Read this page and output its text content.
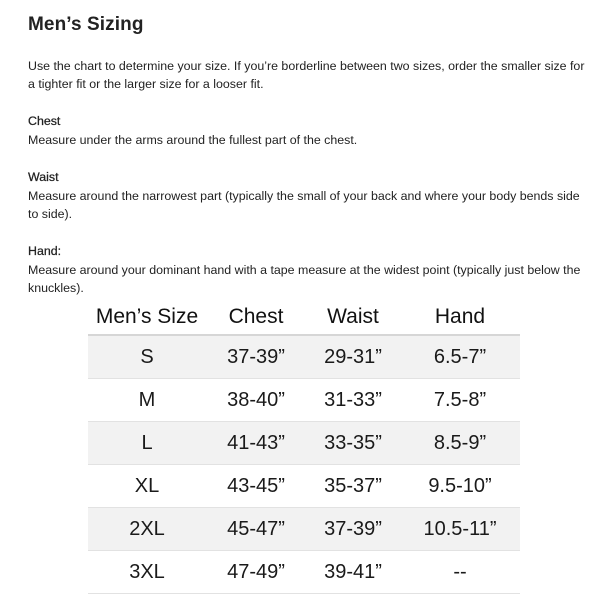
Men’s Sizing

Use the chart to determine your size. If you’re borderline between two sizes, order the smaller size for a tighter fit or the larger size for a looser fit.

Chest

Measure under the arms around the fullest part of the chest.

Waist

Measure around the narrowest part (typically the small of your back and where your body bends side to side).

Hand:

Measure around your dominant hand with a tape measure at the widest point (typically just below the knuckles).

Men’s Size	Chest	Waist	Hand
S	37-39”	29-31”	6.5-7”
M	38-40”	31-33”	7.5-8”
L	41-43”	33-35”	8.5-9”
XL	43-45”	35-37”	9.5-10”
2XL	45-47”	37-39”	10.5-11”
3XL	47-49”	39-41”	--
